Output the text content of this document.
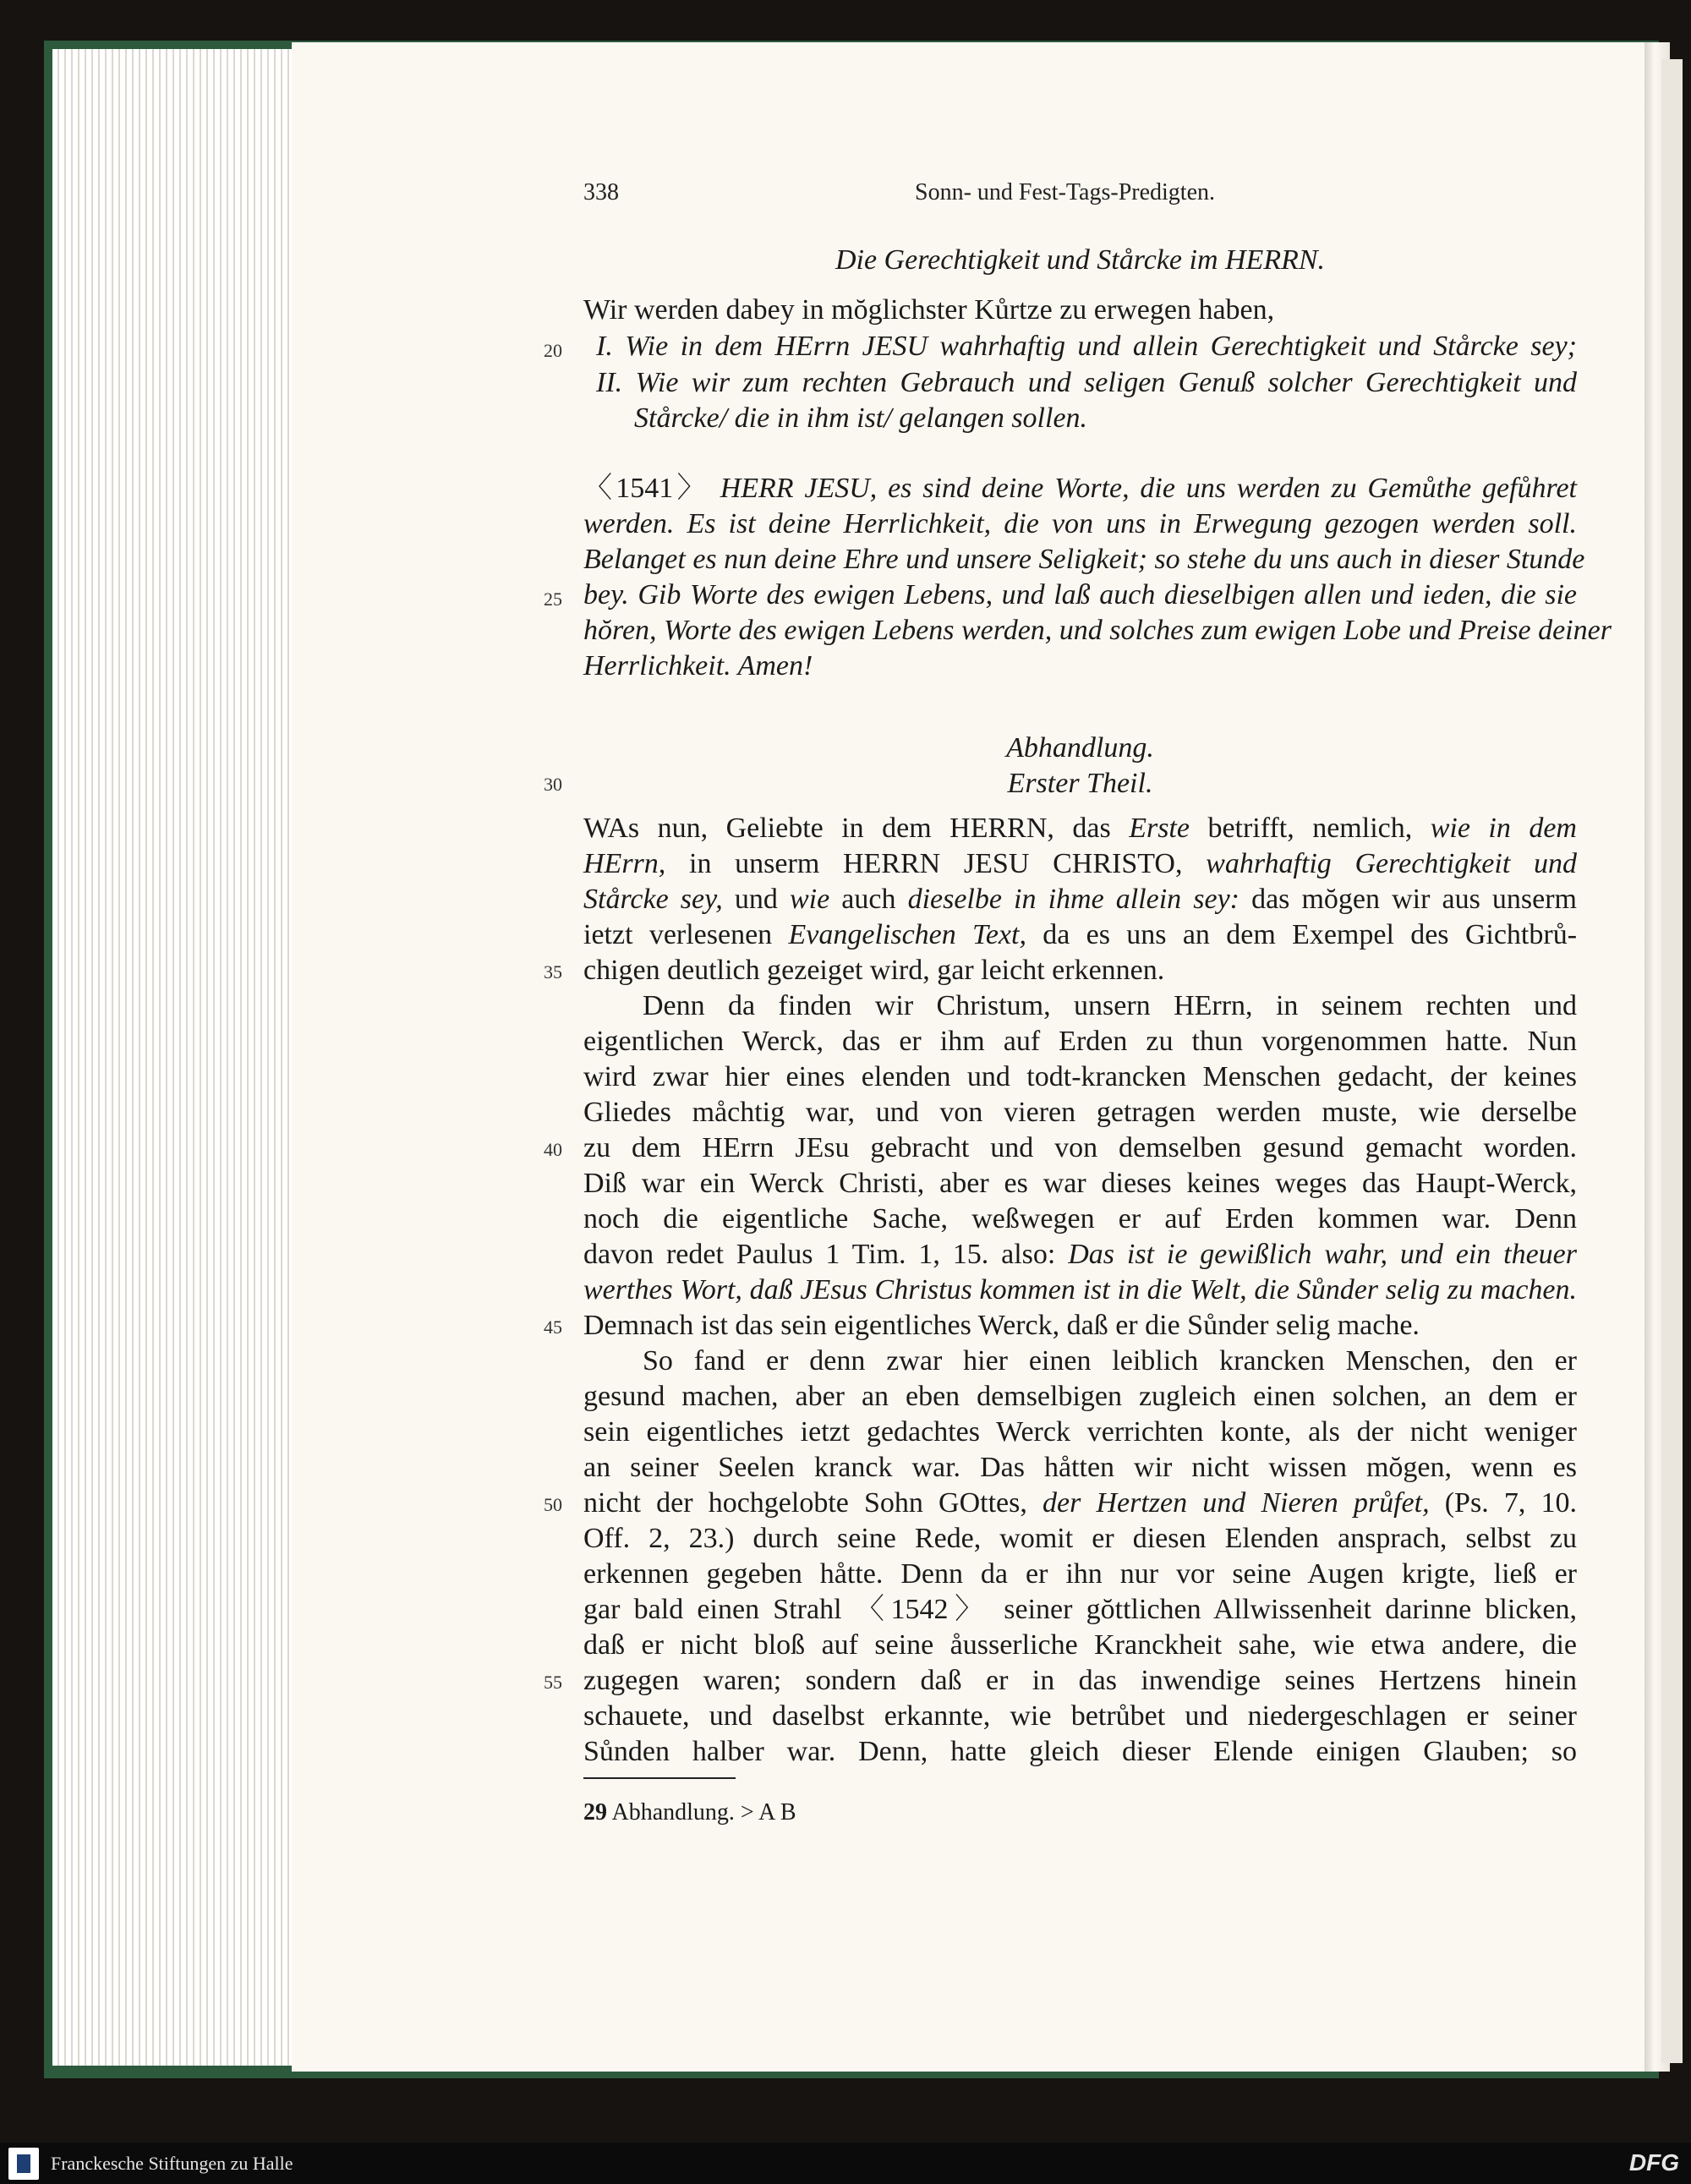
338	Sonn- und Fest-Tags-Predigten.
Die Gerechtigkeit und Stårcke im HERRN.
Wir werden dabey in mŏglichster Kůrtze zu erwegen haben,
I. Wie in dem HErrn JESU wahrhaftig und allein Gerechtigkeit und Stårcke sey;
II. Wie wir zum rechten Gebrauch und seligen Genuß solcher Gerechtigkeit und
Stårcke/ die in ihm ist/ gelangen sollen.
〈1541〉 HERR JESU, es sind deine Worte, die uns werden zu Gemůthe gefůhret
werden. Es ist deine Herrlichkeit, die von uns in Erwegung gezogen werden soll.
Belanget es nun deine Ehre und unsere Seligkeit; so stehe du uns auch in dieser Stunde
bey. Gib Worte des ewigen Lebens, und laß auch dieselbigen allen und ieden, die sie
hŏren, Worte des ewigen Lebens werden, und solches zum ewigen Lobe und Preise deiner
Herrlichkeit. Amen!
Abhandlung.
Erster Theil.
WAs nun, Geliebte in dem HERRN, das Erste betrifft, nemlich, wie in dem
HErrn, in unserm HERRN JESU CHRISTO, wahrhaftig Gerechtigkeit und
Stårcke sey, und wie auch dieselbe in ihme allein sey: das mŏgen wir aus unserm
ietzt verlesenen Evangelischen Text, da es uns an dem Exempel des Gichtbrů-
chigen deutlich gezeiget wird, gar leicht erkennen.
Denn da finden wir Christum, unsern HErrn, in seinem rechten und
eigentlichen Werck, das er ihm auf Erden zu thun vorgenommen hatte. Nun
wird zwar hier eines elenden und todt-krancken Menschen gedacht, der keines
Gliedes måchtig war, und von vieren getragen werden muste, wie derselbe
zu dem HErrn JEsu gebracht und von demselben gesund gemacht worden.
Diß war ein Werck Christi, aber es war dieses keines weges das Haupt-Werck,
noch die eigentliche Sache, weßwegen er auf Erden kommen war. Denn
davon redet Paulus 1 Tim. 1, 15. also: Das ist ie gewißlich wahr, und ein theuer
werthes Wort, daß JEsus Christus kommen ist in die Welt, die Sůnder selig zu machen.
Demnach ist das sein eigentliches Werck, daß er die Sůnder selig mache.
So fand er denn zwar hier einen leiblich krancken Menschen, den er
gesund machen, aber an eben demselbigen zugleich einen solchen, an dem er
sein eigentliches ietzt gedachtes Werck verrichten konte, als der nicht weniger
an seiner Seelen kranck war. Das håtten wir nicht wissen mŏgen, wenn es
nicht der hochgelobte Sohn GOttes, der Hertzen und Nieren průfet, (Ps. 7, 10.
Off. 2, 23.) durch seine Rede, womit er diesen Elenden ansprach, selbst zu
erkennen gegeben håtte. Denn da er ihn nur vor seine Augen krigte, ließ er
gar bald einen Strahl 〈1542〉 seiner gŏttlichen Allwissenheit darinne blicken,
daß er nicht bloß auf seine åusserliche Kranckheit sahe, wie etwa andere, die
zugegen waren; sondern daß er in das inwendige seines Hertzens hinein
schauete, und daselbst erkannte, wie betrůbet und niedergeschlagen er seiner
Sůnden halber war. Denn, hatte gleich dieser Elende einigen Glauben; so
20
25
30
35
40
45
50
55
29 Abhandlung. > A B
Franckesche Stiftungen zu Halle	DFG
